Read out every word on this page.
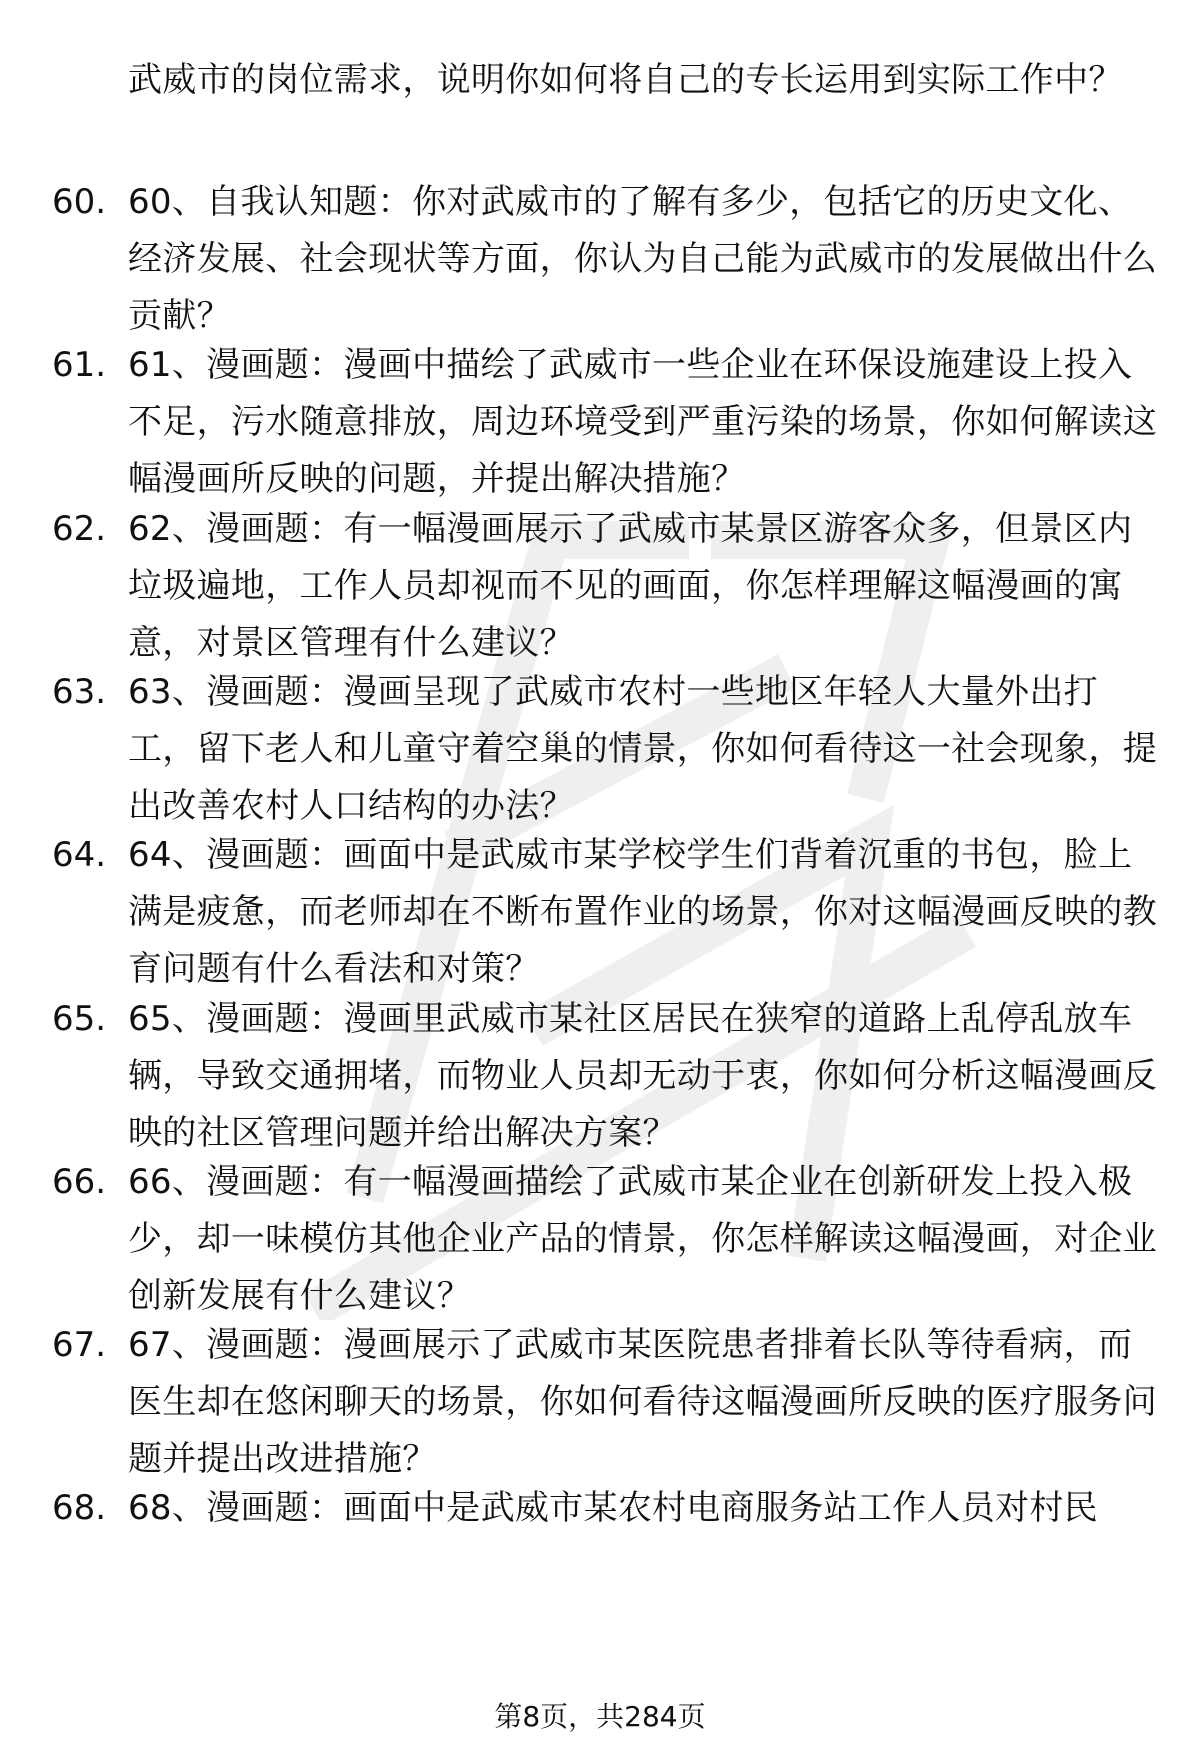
武威市的岗位需求，说明你如何将自己的专长运用到实际工作中？
60. 60、自我认知题：你对武威市的了解有多少，包括它的历史文化、经济发展、社会现状等方面，你认为自己能为武威市的发展做出什么贡献？
61. 61、漫画题：漫画中描绘了武威市一些企业在环保设施建设上投入不足，污水随意排放，周边环境受到严重污染的场景，你如何解读这幅漫画所反映的问题，并提出解决措施？
62. 62、漫画题：有一幅漫画展示了武威市某景区游客众多，但景区内垃圾遍地，工作人员却视而不见的画面，你怎样理解这幅漫画的寓意，对景区管理有什么建议？
63. 63、漫画题：漫画呈现了武威市农村一些地区年轻人大量外出打工，留下老人和儿童守着空巢的情景，你如何看待这一社会现象，提出改善农村人口结构的办法？
64. 64、漫画题：画面中是武威市某学校学生们背着沉重的书包，脸上满是疲惫，而老师却在不断布置作业的场景，你对这幅漫画反映的教育问题有什么看法和对策？
65. 65、漫画题：漫画里武威市某社区居民在狭窄的道路上乱停乱放车辆，导致交通拥堵，而物业人员却无动于衷，你如何分析这幅漫画反映的社区管理问题并给出解决方案？
66. 66、漫画题：有一幅漫画描绘了武威市某企业在创新研发上投入极少，却一味模仿其他企业产品的情景，你怎样解读这幅漫画，对企业创新发展有什么建议？
67. 67、漫画题：漫画展示了武威市某医院患者排着长队等待看病，而医生却在悠闲聊天的场景，你如何看待这幅漫画所反映的医疗服务问题并提出改进措施？
68. 68、漫画题：画面中是武威市某农村电商服务站工作人员对村民
第8页，共284页
